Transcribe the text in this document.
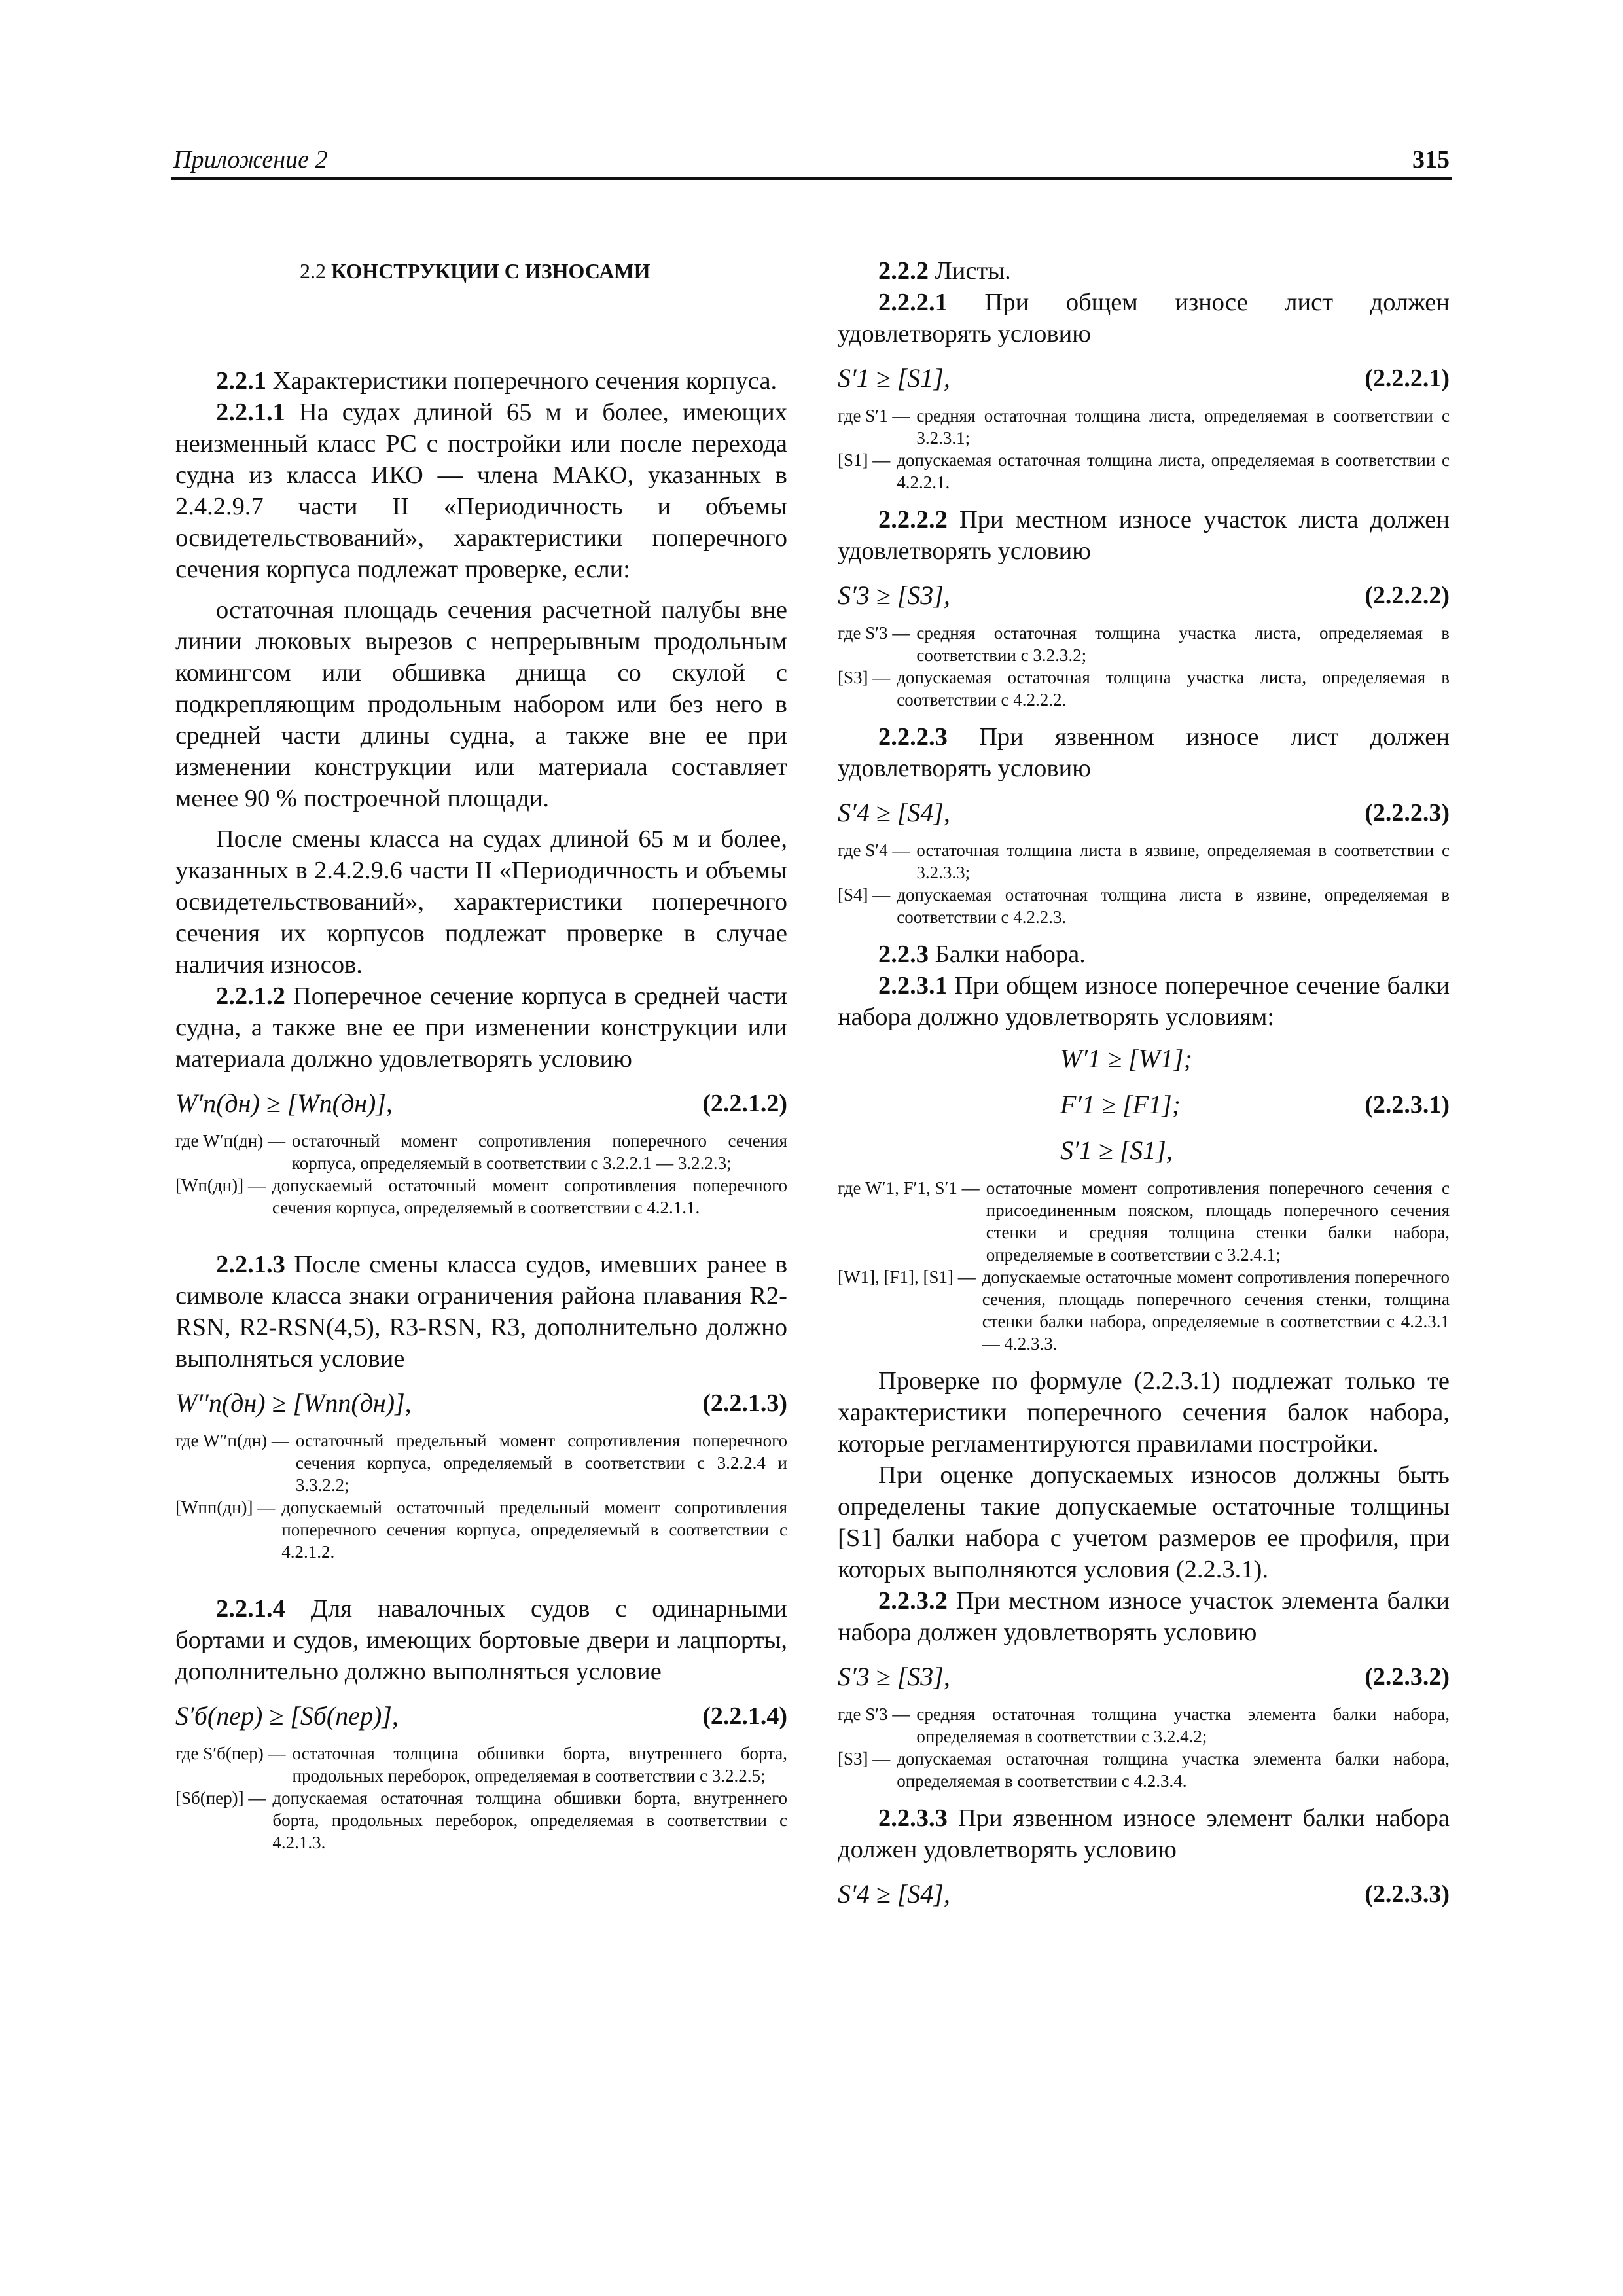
Приложение 2	315

2.2 КОНСТРУКЦИИ С ИЗНОСАМИ

2.2.1 Характеристики поперечного сечения корпуса.

2.2.1.1 На судах длиной 65 м и более, имеющих неизменный класс РС с постройки или после перехода судна из класса ИКО — члена МАКО, указанных в 2.4.2.9.7 части II «Периодичность и объемы освидетельствований», характеристики поперечного сечения корпуса подлежат проверке, если:

остаточная площадь сечения расчетной палубы вне линии люковых вырезов с непрерывным продольным комингсом или обшивка днища со скулой с подкрепляющим продольным набором или без него в средней части длины судна, а также вне ее при изменении конструкции или материала составляет менее 90 % построечной площади.

После смены класса на судах длиной 65 м и более, указанных в 2.4.2.9.6 части II «Периодичность и объемы освидетельствований», характеристики поперечного сечения их корпусов подлежат проверке в случае наличия износов.

2.2.1.2 Поперечное сечение корпуса в средней части судна, а также вне ее при изменении конструкции или материала должно удовлетворять условию

W′п(дн) ≥ [Wп(дн)],	(2.2.1.2)
где W′п(дн) — остаточный момент сопротивления поперечного сечения корпуса, определяемый в соответствии с 3.2.2.1 — 3.2.2.3;
[Wп(дн)] — допускаемый остаточный момент сопротивления поперечного сечения корпуса, определяемый в соответствии с 4.2.1.1.

2.2.1.3 После смены класса судов, имевших ранее в символе класса знаки ограничения района плавания R2-RSN, R2-RSN(4,5), R3-RSN, R3, дополнительно должно выполняться условие

W′′п(дн) ≥ [Wпп(дн)],	(2.2.1.3)
где W′′п(дн) — остаточный предельный момент сопротивления поперечного сечения корпуса, определяемый в соответствии с 3.2.2.4 и 3.3.2.2;
[Wпп(дн)] — допускаемый остаточный предельный момент сопротивления поперечного сечения корпуса, определяемый в соответствии с 4.2.1.2.

2.2.1.4 Для навалочных судов с одинарными бортами и судов, имеющих бортовые двери и лацпорты, дополнительно должно выполняться условие

S′б(пер) ≥ [Sб(пер)],	(2.2.1.4)
где S′б(пер) — остаточная толщина обшивки борта, внутреннего борта, продольных переборок, определяемая в соответствии с 3.2.2.5;
[Sб(пер)] — допускаемая остаточная толщина обшивки борта, внутреннего борта, продольных переборок, определяемая в соответствии с 4.2.1.3.

2.2.2 Листы.

2.2.2.1 При общем износе лист должен удовлетворять условию

S′1 ≥ [S1],	(2.2.2.1)
где S′1 — средняя остаточная толщина листа, определяемая в соответствии с 3.2.3.1;
[S1] — допускаемая остаточная толщина листа, определяемая в соответствии с 4.2.2.1.

2.2.2.2 При местном износе участок листа должен удовлетворять условию

S′3 ≥ [S3],	(2.2.2.2)
где S′3 — средняя остаточная толщина участка листа, определяемая в соответствии с 3.2.3.2;
[S3] — допускаемая остаточная толщина участка листа, определяемая в соответствии с 4.2.2.2.

2.2.2.3 При язвенном износе лист должен удовлетворять условию

S′4 ≥ [S4],	(2.2.2.3)
где S′4 — остаточная толщина листа в язвине, определяемая в соответствии с 3.2.3.3;
[S4] — допускаемая остаточная толщина листа в язвине, определяемая в соответствии с 4.2.2.3.

2.2.3 Балки набора.

2.2.3.1 При общем износе поперечное сечение балки набора должно удовлетворять условиям:

W′1 ≥ [W1];
F′1 ≥ [F1];	(2.2.3.1)
S′1 ≥ [S1],
где W′1, F′1, S′1 — остаточные момент сопротивления поперечного сечения с присоединенным пояском, площадь поперечного сечения стенки и средняя толщина стенки балки набора, определяемые в соответствии с 3.2.4.1;
[W1], [F1], [S1] — допускаемые остаточные момент сопротивления поперечного сечения, площадь поперечного сечения стенки, толщина стенки балки набора, определяемые в соответствии с 4.2.3.1 — 4.2.3.3.

Проверке по формуле (2.2.3.1) подлежат только те характеристики поперечного сечения балок набора, которые регламентируются правилами постройки.

При оценке допускаемых износов должны быть определены такие допускаемые остаточные толщины [S1] балки набора с учетом размеров ее профиля, при которых выполняются условия (2.2.3.1).

2.2.3.2 При местном износе участок элемента балки набора должен удовлетворять условию

S′3 ≥ [S3],	(2.2.3.2)
где S′3 — средняя остаточная толщина участка элемента балки набора, определяемая в соответствии с 3.2.4.2;
[S3] — допускаемая остаточная толщина участка элемента балки набора, определяемая в соответствии с 4.2.3.4.

2.2.3.3 При язвенном износе элемент балки набора должен удовлетворять условию

S′4 ≥ [S4],	(2.2.3.3)
